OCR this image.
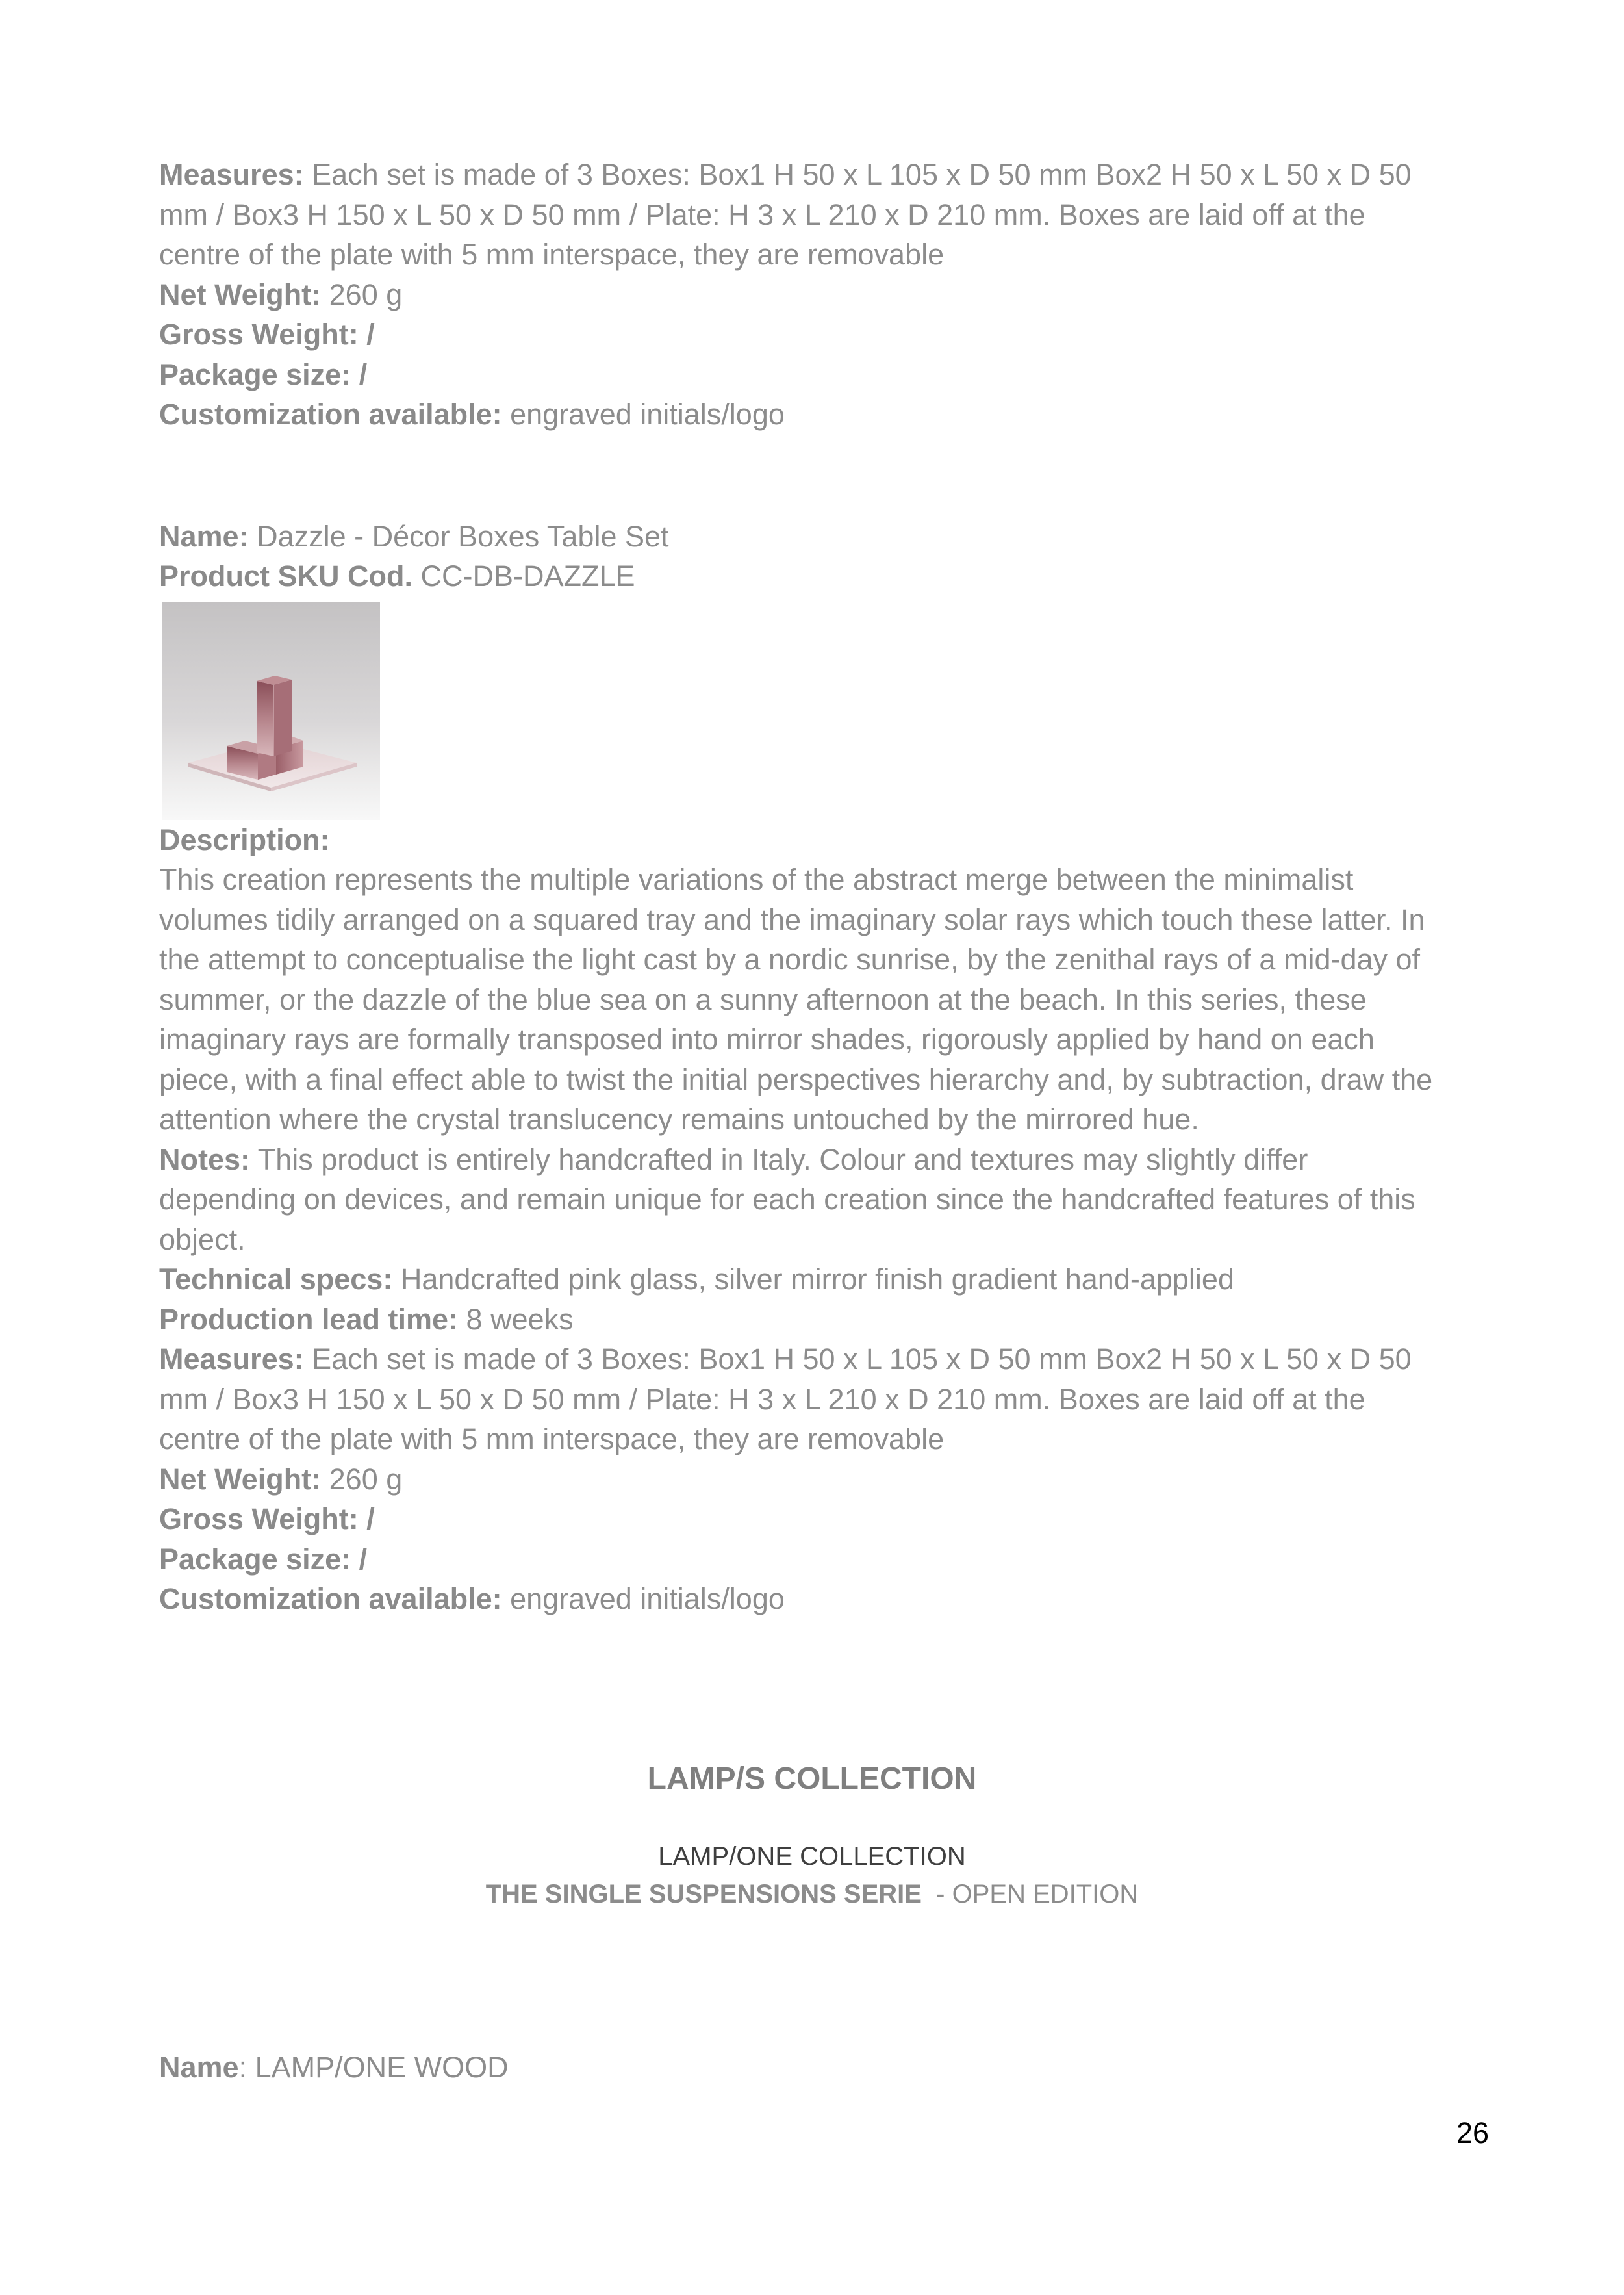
Measures: Each set is made of 3 Boxes: Box1 H 50 x L 105 x D 50 mm Box2 H 50 x L 50 x D 50
mm / Box3 H 150 x L 50 x D 50 mm / Plate: H 3 x L 210 x D 210 mm. Boxes are laid off at the
centre of the plate with 5 mm interspace, they are removable
Net Weight: 260 g
Gross Weight: /
Package size: /
Customization available: engraved initials/logo
Name: Dazzle - Décor Boxes Table Set
Product SKU Cod. CC-DB-DAZZLE
Description:
This creation represents the multiple variations of the abstract merge between the minimalist
volumes tidily arranged on a squared tray and the imaginary solar rays which touch these latter. In
the attempt to conceptualise the light cast by a nordic sunrise, by the zenithal rays of a mid-day of
summer, or the dazzle of the blue sea on a sunny afternoon at the beach. In this series, these
imaginary rays are formally transposed into mirror shades, rigorously applied by hand on each
piece, with a final effect able to twist the initial perspectives hierarchy and, by subtraction, draw the
attention where the crystal translucency remains untouched by the mirrored hue.
Notes: This product is entirely handcrafted in Italy. Colour and textures may slightly differ
depending on devices, and remain unique for each creation since the handcrafted features of this
object.
Technical specs: Handcrafted pink glass, silver mirror finish gradient hand-applied
Production lead time: 8 weeks
Measures: Each set is made of 3 Boxes: Box1 H 50 x L 105 x D 50 mm Box2 H 50 x L 50 x D 50
mm / Box3 H 150 x L 50 x D 50 mm / Plate: H 3 x L 210 x D 210 mm. Boxes are laid off at the
centre of the plate with 5 mm interspace, they are removable
Net Weight: 260 g
Gross Weight: /
Package size: /
Customization available: engraved initials/logo
LAMP/S COLLECTION
LAMP/ONE COLLECTION
THE SINGLE SUSPENSIONS SERIE  - OPEN EDITION
Name: LAMP/ONE WOOD
26
